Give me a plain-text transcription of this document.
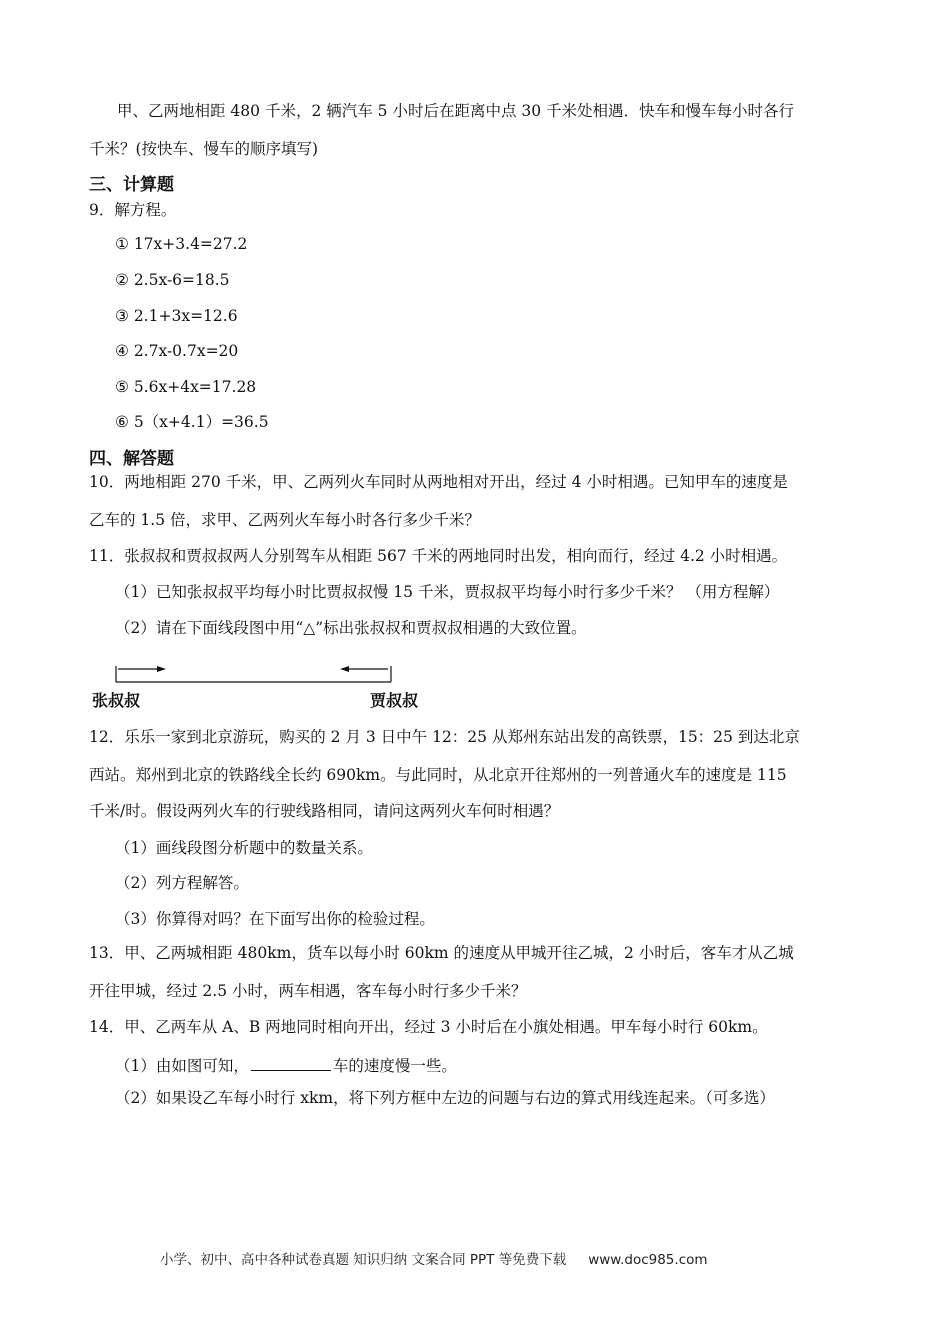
甲、乙两地相距 480 千米，2 辆汽车 5 小时后在距离中点 30 千米处相遇．快车和慢车每小时各行
千米？(按快车、慢车的顺序填写)
三、计算题
9．解方程。
① 17x+3.4=27.2
② 2.5x-6=18.5
③ 2.1+3x=12.6
④ 2.7x-0.7x=20
⑤ 5.6x+4x=17.28
⑥ 5（x+4.1）=36.5
四、解答题
10．两地相距 270 千米，甲、乙两列火车同时从两地相对开出，经过 4 小时相遇。已知甲车的速度是
乙车的 1.5 倍，求甲、乙两列火车每小时各行多少千米？
11．张叔叔和贾叔叔两人分别驾车从相距 567 千米的两地同时出发，相向而行，经过 4.2 小时相遇。
（1）已知张叔叔平均每小时比贾叔叔慢 15 千米，贾叔叔平均每小时行多少千米？ （用方程解）
（2）请在下面线段图中用“△”标出张叔叔和贾叔叔相遇的大致位置。
张叔叔	贾叔叔
12．乐乐一家到北京游玩，购买的 2 月 3 日中午 12：25 从郑州东站出发的高铁票，15：25 到达北京
西站。郑州到北京的铁路线全长约 690km。与此同时，从北京开往郑州的一列普通火车的速度是 115
千米/时。假设两列火车的行驶线路相同，请问这两列火车何时相遇？
（1）画线段图分析题中的数量关系。
（2）列方程解答。
（3）你算得对吗？在下面写出你的检验过程。
13．甲、乙两城相距 480km，货车以每小时 60km 的速度从甲城开往乙城，2 小时后，客车才从乙城
开往甲城，经过 2.5 小时，两车相遇，客车每小时行多少千米？
14．甲、乙两车从 A、B 两地同时相向开出，经过 3 小时后在小旗处相遇。甲车每小时行 60km。
（1）由如图可知，	车的速度慢一些。
（2）如果设乙车每小时行 xkm，将下列方框中左边的问题与右边的算式用线连起来。（可多选）
小学、初中、高中各种试卷真题 知识归纳 文案合同 PPT 等免费下载 www.doc985.com
